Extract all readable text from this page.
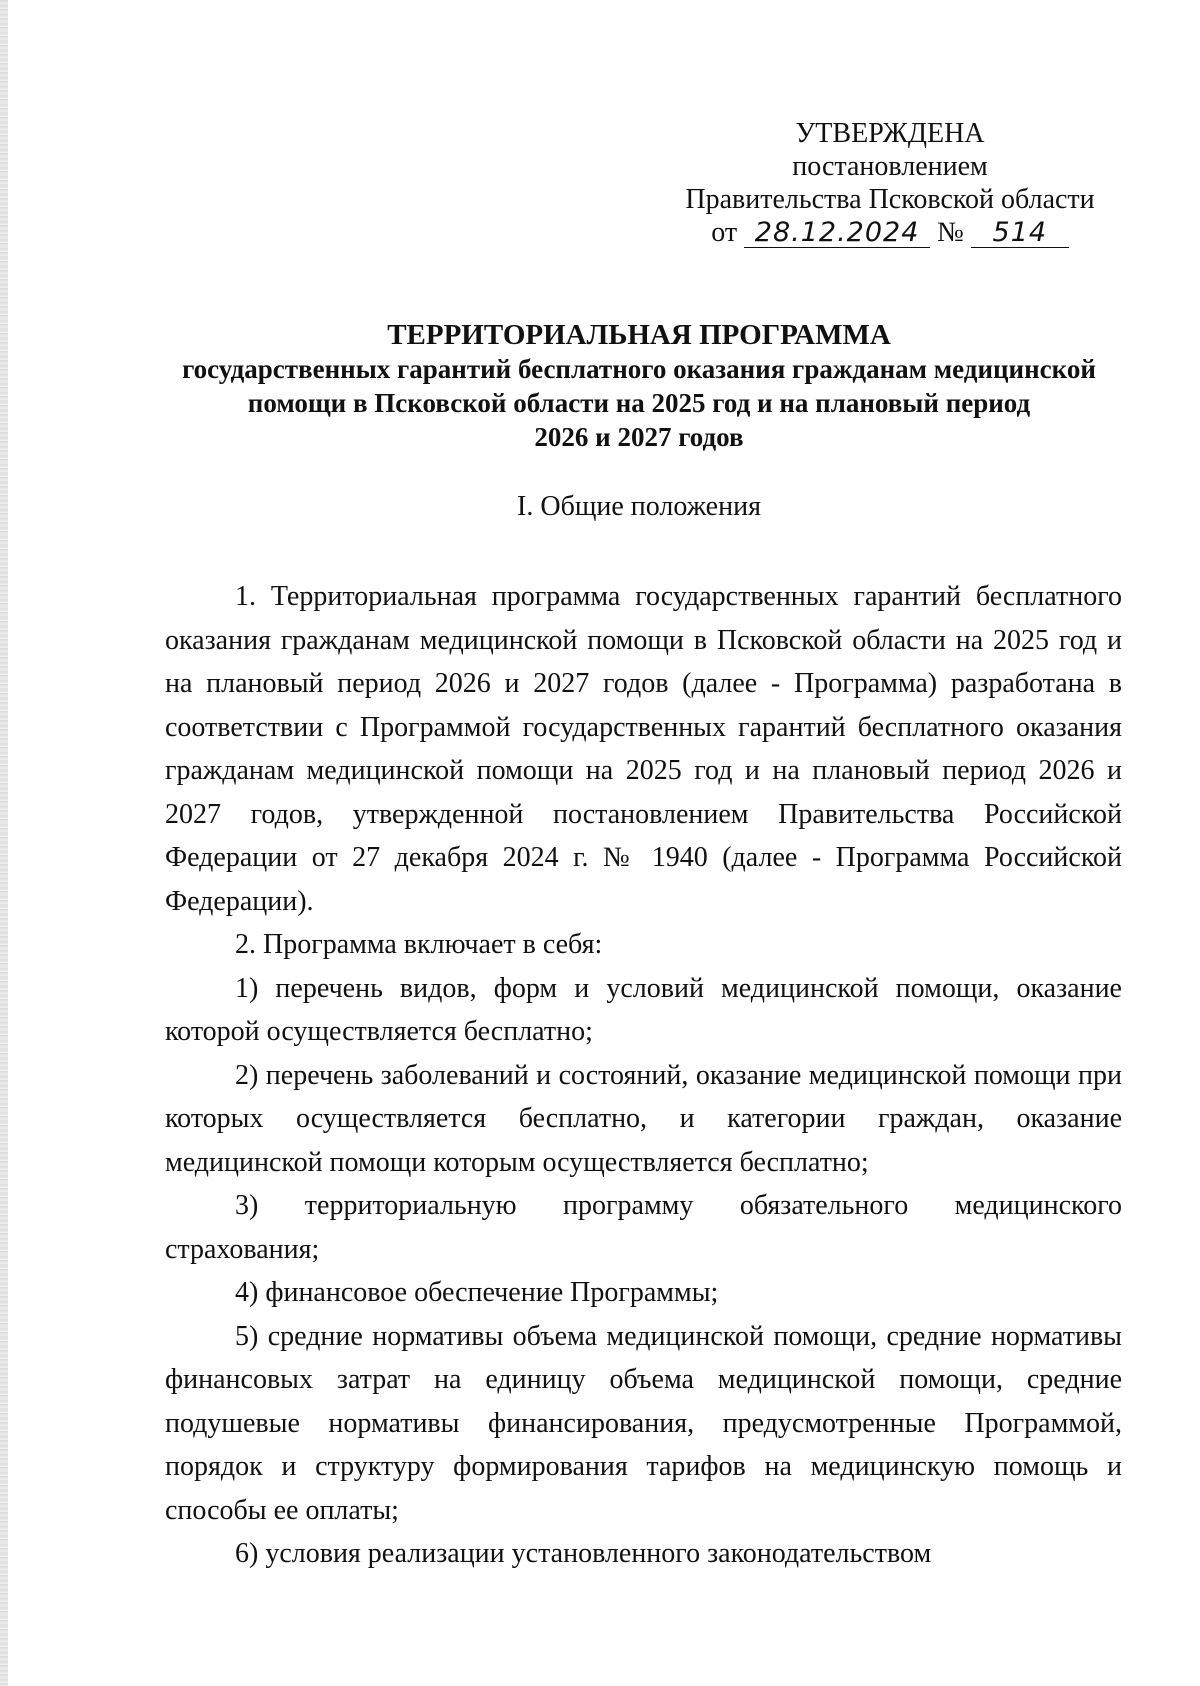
УТВЕРЖДЕНА
постановлением
Правительства Псковской области
от 28.12.2024 № 514
ТЕРРИТОРИАЛЬНАЯ ПРОГРАММА
государственных гарантий бесплатного оказания гражданам медицинской
помощи в Псковской области на 2025 год и на плановый период
2026 и 2027 годов
I. Общие положения

1. Территориальная программа государственных гарантий бесплатного оказания гражданам медицинской помощи в Псковской области на 2025 год и на плановый период 2026 и 2027 годов (далее - Программа) разработана в соответствии с Программой государственных гарантий бесплатного оказания гражданам медицинской помощи на 2025 год и на плановый период 2026 и 2027 годов, утвержденной постановлением Правительства Российской Федерации от 27 декабря 2024 г. № 1940 (далее - Программа Российской Федерации).

2. Программа включает в себя:

1) перечень видов, форм и условий медицинской помощи, оказание которой осуществляется бесплатно;

2) перечень заболеваний и состояний, оказание медицинской помощи при которых осуществляется бесплатно, и категории граждан, оказание медицинской помощи которым осуществляется бесплатно;

3) территориальную программу обязательного медицинского страхования;

4) финансовое обеспечение Программы;

5) средние нормативы объема медицинской помощи, средние нормативы финансовых затрат на единицу объема медицинской помощи, средние подушевые нормативы финансирования, предусмотренные Программой, порядок и структуру формирования тарифов на медицинскую помощь и способы ее оплаты;

6) условия реализации установленного законодательством
